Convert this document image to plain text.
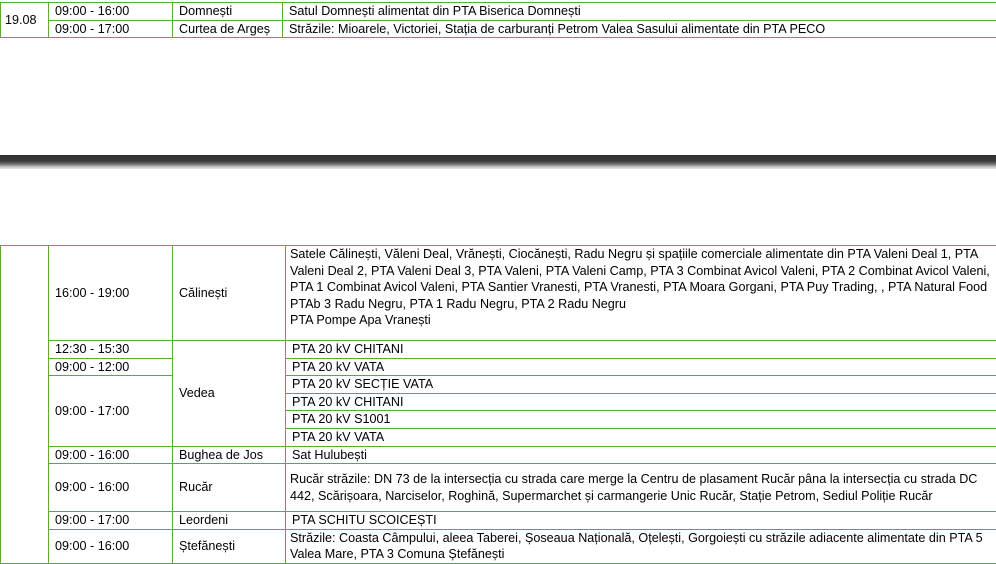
19.08	09:00 - 16:00	Domnești	Satul Domnești alimentat din PTA Biserica Domnești
	09:00 - 17:00	Curtea de Argeș	Străzile: Mioarele, Victoriei, Stația de carburanți Petrom Valea Sasului alimentate din PTA PECO
	16:00 - 19:00	Călinești	Satele Călinești, Văleni Deal, Vrănești, Ciocănești, Radu Negru și spațiile comerciale alimentate din PTA Valeni Deal 1, PTA Valeni Deal 2, PTA Valeni Deal 3, PTA Valeni, PTA Valeni Camp, PTA 3 Combinat Avicol Valeni, PTA 2 Combinat Avicol Valeni, PTA 1 Combinat Avicol Valeni, PTA Santier Vranesti, PTA Vranesti, PTA Moara Gorgani, PTA Puy Trading, , PTA Natural Food
PTAb 3 Radu Negru, PTA 1 Radu Negru, PTA 2 Radu Negru
PTA Pompe Apa Vranești

	12:30 - 15:30	Vedea	PTA 20 kV CHITANI
	09:00 - 12:00		PTA 20 kV VATA
	09:00 - 17:00		PTA 20 kV SECȚIE VATA
			PTA 20 kV CHITANI
			PTA 20 kV S1001
			PTA 20 kV VATA
	09:00 - 16:00	Bughea de Jos	Sat Hulubești
	09:00 - 16:00	Rucăr	Rucăr străzile: DN 73 de la intersecția cu strada care merge la Centru de plasament Rucăr pâna la intersecția cu strada DC 442, Scărișoara, Narciselor, Roghină, Supermarchet și carmangerie Unic Rucăr, Stație Petrom, Sediul Poliție Rucăr
	09:00 - 17:00	Leordeni	PTA SCHITU SCOICEȘTI
	09:00 - 16:00	Ștefănești	Străzile: Coasta Câmpului, aleea Taberei, Șoseaua Națională, Oțelești, Gorgoiești cu străzile adiacente alimentate din PTA 5 Valea Mare, PTA 3 Comuna Ștefănești
